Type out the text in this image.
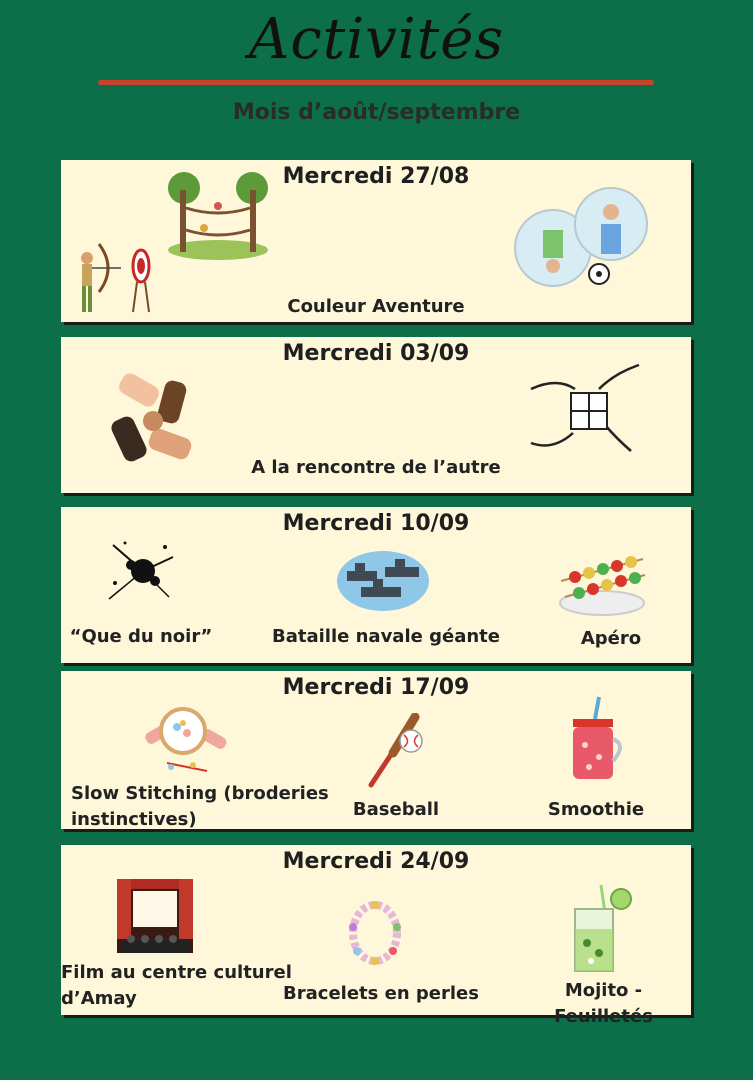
Activités
Mois d’août/septembre
Mercredi 27/08
Couleur Aventure
Mercredi 03/09
A la rencontre de l’autre
Mercredi 10/09
“Que du noir”	Bataille navale géante	Apéro
Mercredi 17/09
Slow Stitching (broderies instinctives)	Baseball	Smoothie
Mercredi 24/09
Film au centre culturel d’Amay	Bracelets en perles	Mojito - Feuilletés
